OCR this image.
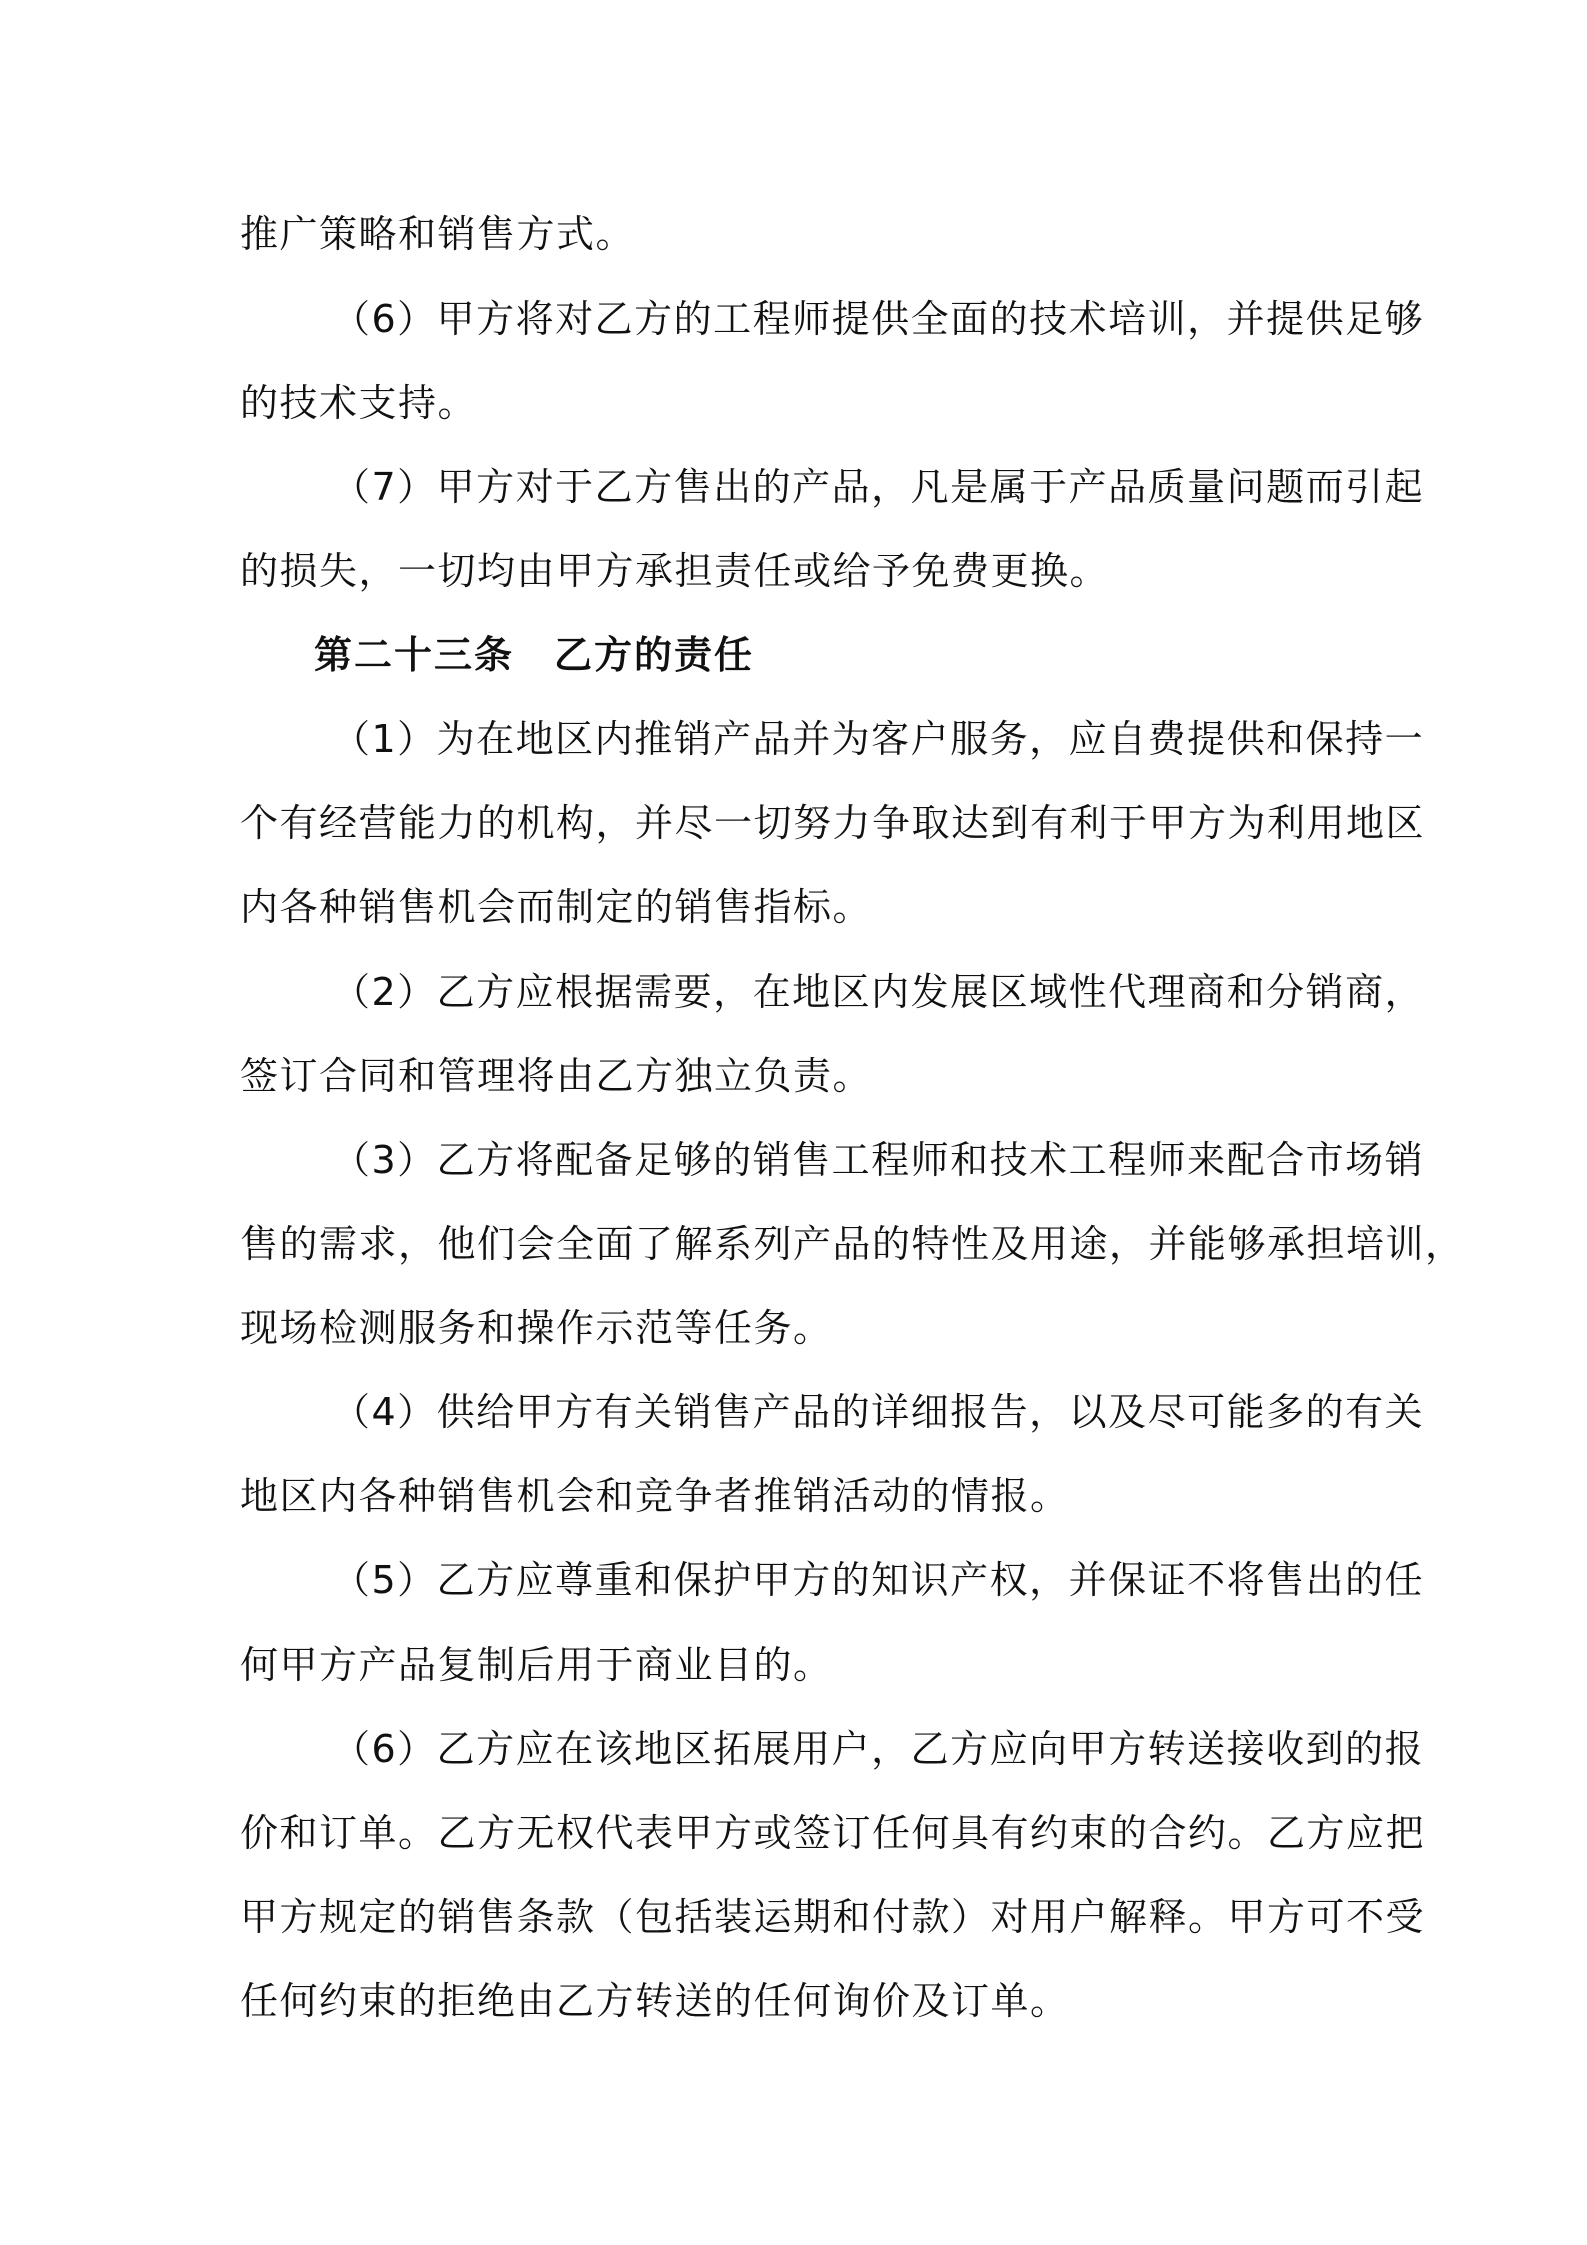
推广策略和销售方式。
（6）甲方将对乙方的工程师提供全面的技术培训，并提供足够
的技术支持。
（7）甲方对于乙方售出的产品，凡是属于产品质量问题而引起
的损失，一切均由甲方承担责任或给予免费更换。
第二十三条　乙方的责任
（1）为在地区内推销产品并为客户服务，应自费提供和保持一
个有经营能力的机构，并尽一切努力争取达到有利于甲方为利用地区
内各种销售机会而制定的销售指标。
（2）乙方应根据需要，在地区内发展区域性代理商和分销商，
签订合同和管理将由乙方独立负责。
（3）乙方将配备足够的销售工程师和技术工程师来配合市场销
售的需求，他们会全面了解系列产品的特性及用途，并能够承担培训，
现场检测服务和操作示范等任务。
（4）供给甲方有关销售产品的详细报告，以及尽可能多的有关
地区内各种销售机会和竞争者推销活动的情报。
（5）乙方应尊重和保护甲方的知识产权，并保证不将售出的任
何甲方产品复制后用于商业目的。
（6）乙方应在该地区拓展用户，乙方应向甲方转送接收到的报
价和订单。乙方无权代表甲方或签订任何具有约束的合约。乙方应把
甲方规定的销售条款（包括装运期和付款）对用户解释。甲方可不受
任何约束的拒绝由乙方转送的任何询价及订单。
